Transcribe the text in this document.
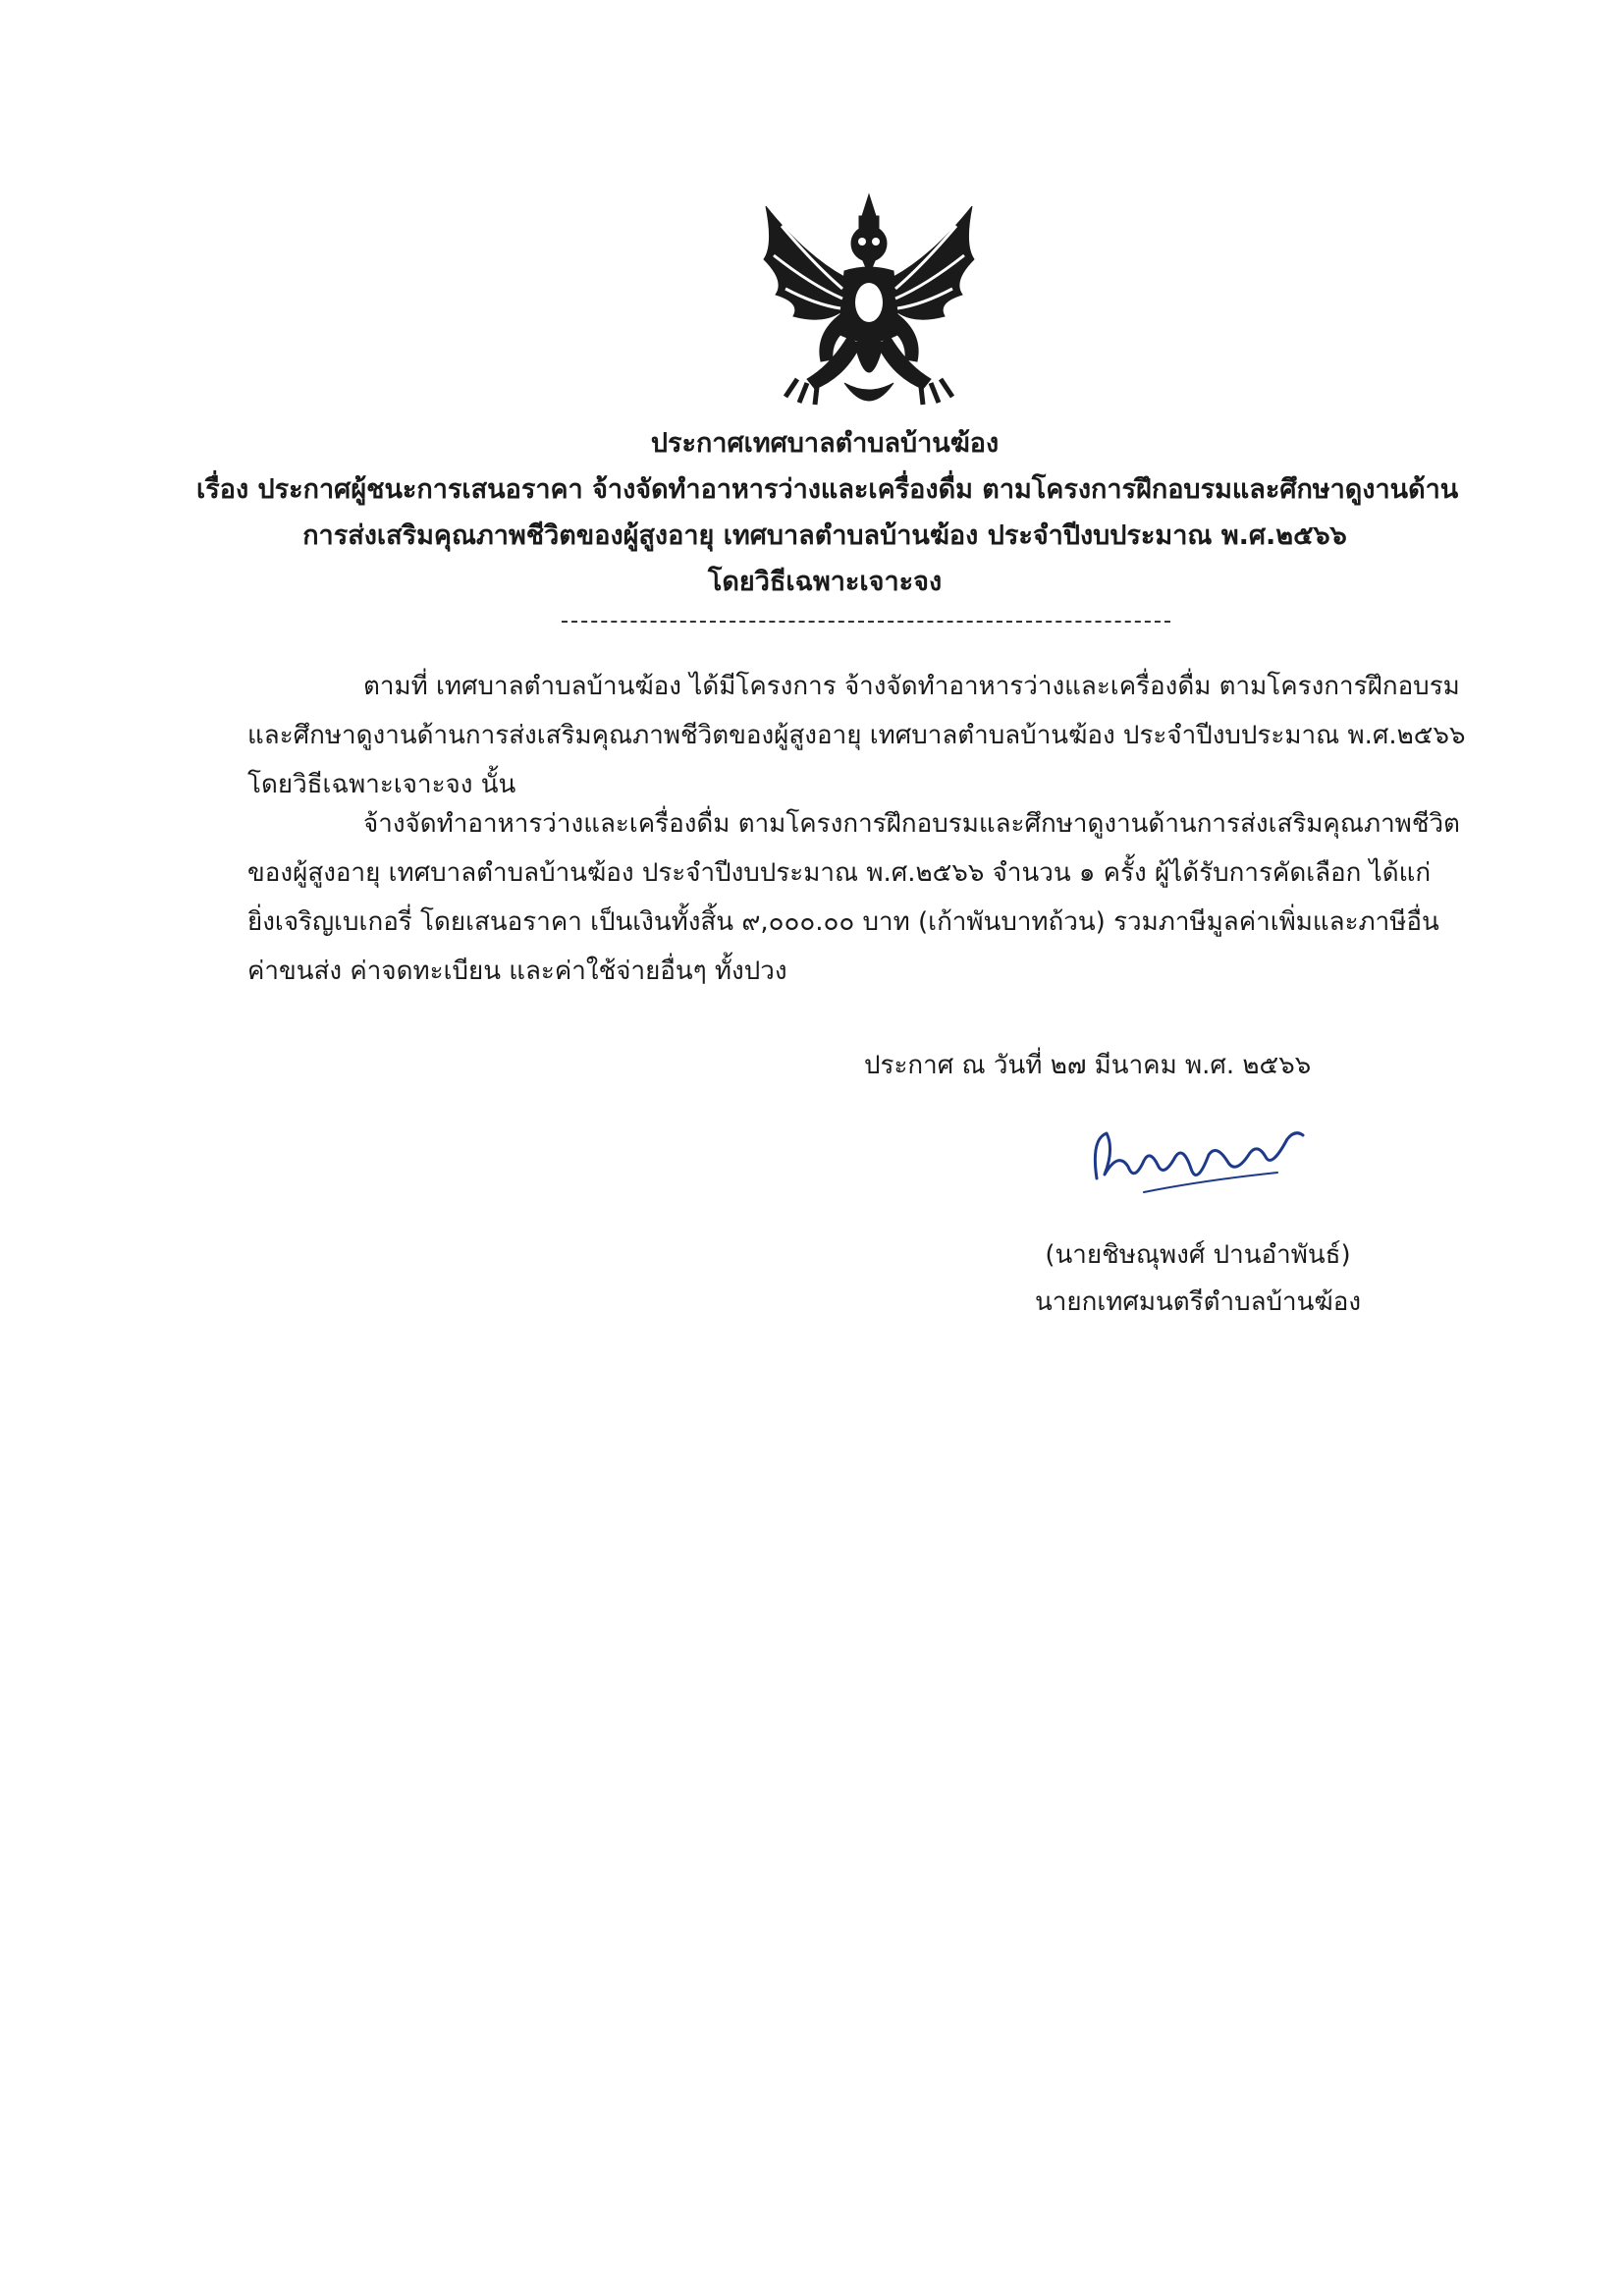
ประกาศเทศบาลตำบลบ้านฆ้อง
เรื่อง ประกาศผู้ชนะการเสนอราคา จ้างจัดทำอาหารว่างและเครื่องดื่ม ตามโครงการฝึกอบรมและศึกษาดูงานด้าน
การส่งเสริมคุณภาพชีวิตของผู้สูงอายุ เทศบาลตำบลบ้านฆ้อง ประจำปีงบประมาณ พ.ศ.๒๕๖๖
โดยวิธีเฉพาะเจาะจง
ตามที่ เทศบาลตำบลบ้านฆ้อง ได้มีโครงการ จ้างจัดทำอาหารว่างและเครื่องดื่ม ตามโครงการฝึกอบรม
และศึกษาดูงานด้านการส่งเสริมคุณภาพชีวิตของผู้สูงอายุ เทศบาลตำบลบ้านฆ้อง ประจำปีงบประมาณ พ.ศ.๒๕๖๖
โดยวิธีเฉพาะเจาะจง นั้น
จ้างจัดทำอาหารว่างและเครื่องดื่ม ตามโครงการฝึกอบรมและศึกษาดูงานด้านการส่งเสริมคุณภาพชีวิต
ของผู้สูงอายุ เทศบาลตำบลบ้านฆ้อง ประจำปีงบประมาณ พ.ศ.๒๕๖๖ จำนวน ๑ ครั้ง ผู้ได้รับการคัดเลือก ได้แก่
ยิ่งเจริญเบเกอรี่ โดยเสนอราคา เป็นเงินทั้งสิ้น ๙,๐๐๐.๐๐ บาท (เก้าพันบาทถ้วน) รวมภาษีมูลค่าเพิ่มและภาษีอื่น
ค่าขนส่ง ค่าจดทะเบียน และค่าใช้จ่ายอื่นๆ ทั้งปวง
ประกาศ ณ วันที่ ๒๗ มีนาคม พ.ศ. ๒๕๖๖
(นายชิษณุพงศ์ ปานอำพันธ์)
นายกเทศมนตรีตำบลบ้านฆ้อง
